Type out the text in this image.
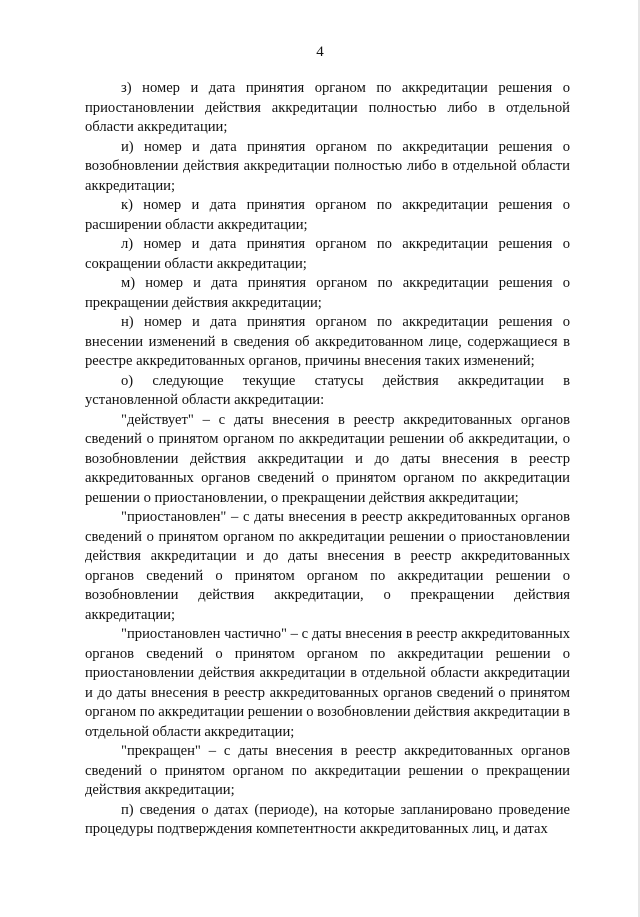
4

з) номер и дата принятия органом по аккредитации решения о приостановлении действия аккредитации полностью либо в отдельной области аккредитации;

и) номер и дата принятия органом по аккредитации решения о возобновлении действия аккредитации полностью либо в отдельной области аккредитации;

к) номер и дата принятия органом по аккредитации решения о расширении области аккредитации;

л) номер и дата принятия органом по аккредитации решения о сокращении области аккредитации;

м) номер и дата принятия органом по аккредитации решения о прекращении действия аккредитации;

н) номер и дата принятия органом по аккредитации решения о внесении изменений в сведения об аккредитованном лице, содержащиеся в реестре аккредитованных органов, причины внесения таких изменений;

о) следующие текущие статусы действия аккредитации в установленной области аккредитации:

"действует" – с даты внесения в реестр аккредитованных органов сведений о принятом органом по аккредитации решении об аккредитации, о возобновлении действия аккредитации и до даты внесения в реестр аккредитованных органов сведений о принятом органом по аккредитации решении о приостановлении, о прекращении действия аккредитации;

"приостановлен" – с даты внесения в реестр аккредитованных органов сведений о принятом органом по аккредитации решении о приостановлении действия аккредитации и до даты внесения в реестр аккредитованных органов сведений о принятом органом по аккредитации решении о возобновлении действия аккредитации, о прекращении действия аккредитации;

"приостановлен частично" – с даты внесения в реестр аккредитованных органов сведений о принятом органом по аккредитации решении о приостановлении действия аккредитации в отдельной области аккредитации и до даты внесения в реестр аккредитованных органов сведений о принятом органом по аккредитации решении о возобновлении действия аккредитации в отдельной области аккредитации;

"прекращен" – с даты внесения в реестр аккредитованных органов сведений о принятом органом по аккредитации решении о прекращении действия аккредитации;

п) сведения о датах (периоде), на которые запланировано проведение процедуры подтверждения компетентности аккредитованных лиц, и датах
